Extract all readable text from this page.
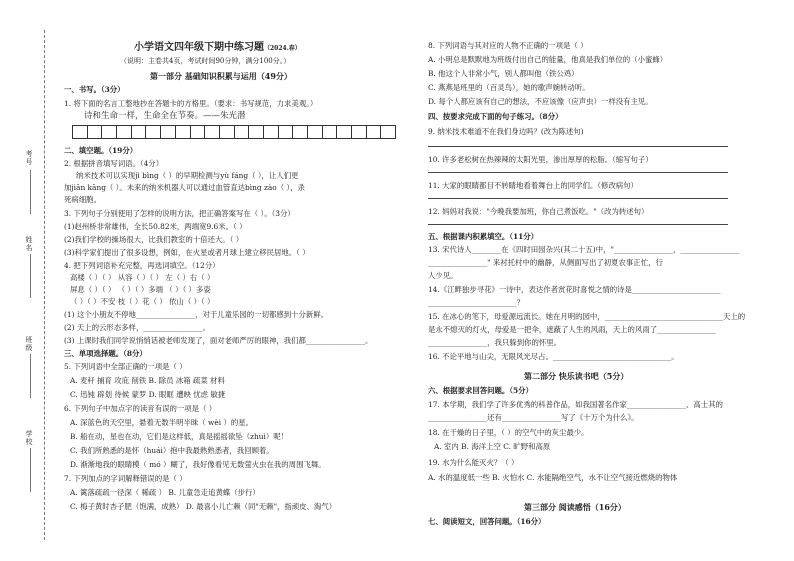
考号
姓名
班级
学校
小学语文四年级下期中练习题（2024.春）
（说明：主卷共4页，考试时间90分钟，满分100分。）
第一部分 基础知识积累与运用（49分）
一、书写。（3分）
1. 将下面的名言工整地抄在答题卡的方格里。（要求：书写规范，力求美观。）
诗和生命一样，生命全在节奏。——朱光潜
二、填空题。（19分）
2. 根据拼音填写词语。（4分）
纳米技术可以实现jì bìng（ ）的早期检测与yù fáng（ ），让人们更
加jiān kāng（ ）。未来的纳米机器人可以通过血管直达bìng zào（ ），杀
死病细胞。
3. 下列句子分别使用了怎样的说明方法，把正确答案写在（ ）。（3分）
(1)赵州桥非常雄伟，全长50.82米，两端宽9.6米。（ ）
(2)我们学校的操场很大，比我们教室的十倍还大。（ ）
(3)科学家们提出了很多设想，例如，在火星或者月球上建立移民居地。（ ）
4. 把下列词语补充完整，再选词填空。（12分）
高楼（ ）（ ） 从容（ ）（ ） 左（ ）右（ ）
屏息（ ）（ ） （ ）（ ）多端 （ ）（ ）多姿
（ ）（ ）不安 枝（ ）花（ ） 依山（ ）（ ）
(1) 这个小朋友不停地________________，对于儿童乐园的一切都感到十分新鲜。
(2) 天上的云形态多样，________________。
(3) 上课时我们同学说悄悄话被老师发现了，面对老师严厉的眼神，我们都________________。
三、单项选择题。（8分）
5. 下列词语中全部正确的一项是（ ）
A. 麦秆 捕育 攻庇 削铁 B. 除员 冰箱 疏菜 材料
C. 迅钝 辟划 待候 蒙罗 D. 眼眶 遭映 忧虑 敏捷
6. 下列句子中加点字的读音有误的一项是（ ）
A. 深蓝色的天空里，悬着无数半明半昧（ wèi ）的星。
B. 船在动，星也在动，它们是这样低，真是摇摇欲坠（zhuì）呢！
C. 我们所熟悉的是怀（huái）抱中我最熟熟悉者，我回顾着。
D. 渐渐地我的眼睛模（ mó ）糊了，我好像看见无数萤火虫在我的周围飞舞。
7. 下列加点的字词解释错误的是（ ）
A. 篱落疏疏一径深（ 稀疏 ） B. 儿童急走追黄蝶（步行）
C. 梅子黄时杏子肥（饱满，成熟） D. 最喜小儿亡赖（同"无赖"，指顽皮、淘气）
8. 下列词语与其对应的人物不正确的一项是（ ）
A. 小明总是默默地为班级付出自己的能量，他真是我们单位的（小蜜蜂）
B. 他这个人非常小气，别人都叫他（铁公鸡）
C. 燕燕是班里的（百灵鸟），她的歌声婉转动听。
D. 每个人都应该有自己的想法，不应该像（应声虫）一样没有主见。
四、按要求完成下面的句子练习。（8分）
9. 纳米技术难道不在我们身边吗？(改为陈述句)
10. 许多老松树在热辣辣的太阳光里，渗出厚厚的松脂。（缩写句子）
11. 大家的眼睛都目不转睛地看着舞台上的同学们。（修改病句）
12. 妈妈对我说："今晚我要加班，你自己煮饭吃。"（改为转述句）
五、根据课内积累填空。（11分）
13. 宋代诗人________在《四时田园杂兴(其二十五)中，"________________，________________
________________" 来衬托村中的幽静，从侧面写出了初夏农事正忙，行
人少见。
14.《江畔独步寻花》一诗中，表达作者赏花时喜悦之情的诗是________________________
________________________？
15. 在冰心的笔下，母爱源远流长。她在月明的园中，________________________________天上的
是永不熄灭的灯火，母爱是一把伞，遮蔽了人生的风雨，天上的风雨了________________
________________，我只躲到你的怀里。
16. 不论平地与山尖，无限风光尽占。________________________________。
第二部分 快乐读书吧（5分）
六、根据要求回答问题。（5分）
17. 本学期，我们学了许多优秀的科普作品，如我国著名作家________________、高士其的
________________还有________________写了《十万个为什么》。
18. 在干燥的日子里，（ ）的空气中的灰尘最少。
A. 室内 B. 海洋上空 C. 旷野和高原
19. 水为什么能灭火？（ ）
A. 水的温度低一些 B. 火怕水 C. 水能隔绝空气，水不让空气接近燃烧的物体
第三部分 阅读感悟（16分）
七、阅读短文，回答问题。（16分）
